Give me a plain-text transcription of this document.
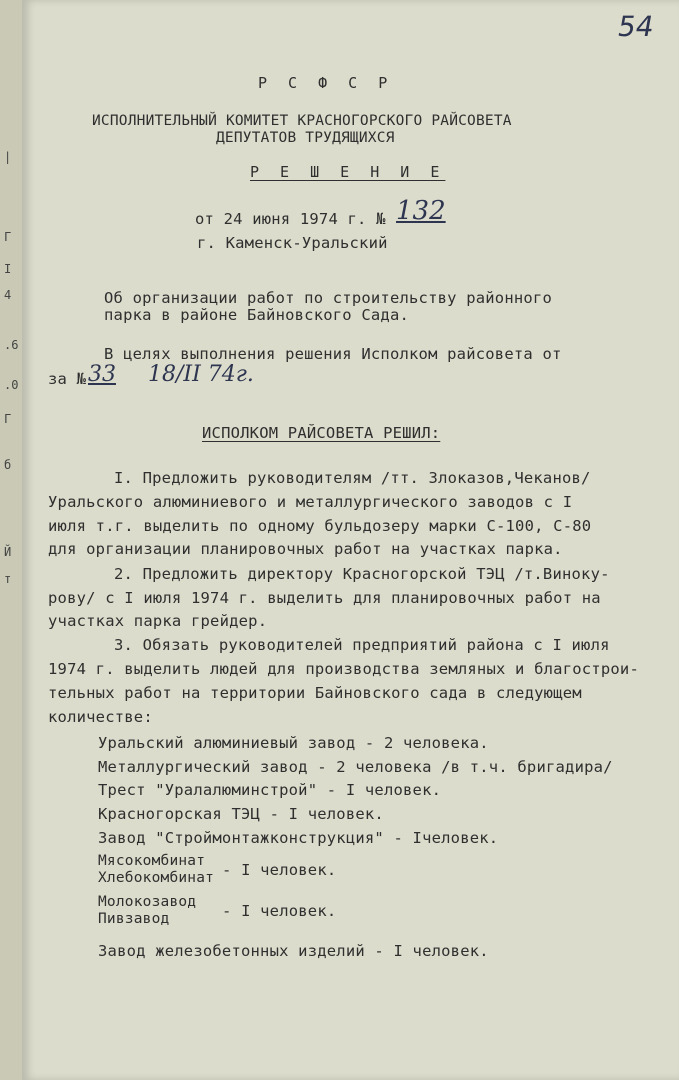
|
Г
I
4
.6
.0
Г
б
Й
т
54
Р С Ф С Р
ИСПОЛНИТЕЛЬНЫЙ КОМИТЕТ КРАСНОГОРСКОГО РАЙСОВЕТА
ДЕПУТАТОВ ТРУДЯЩИХСЯ
Р Е Ш Е Н И Е
от 24 июня 1974 г. № 132
г. Каменск-Уральский
Об организации работ по строительству районного
парка в районе Байновского Сада.
В целях выполнения решения Исполком райсовета от
за № 33 18/II 74г.
ИСПОЛКОМ РАЙСОВЕТА РЕШИЛ:
I. Предложить руководителям /тт. Злоказов,Чеканов/
Уральского алюминиевого и металлургического заводов с I
июля т.г. выделить по одному бульдозеру марки С-100, С-80
для организации планировочных работ на участках парка.
2. Предложить директору Красногорской ТЭЦ /т.Винокy-
рову/ с I июля 1974 г. выделить для планировочных работ на
участках парка грейдер.
3. Обязать руководителей предприятий района с I июля
1974 г. выделить людей для производства земляных и благострои-
тельных работ на территории Байновского сада в следующем
количестве:
Уральский алюминиевый завод - 2 человека.
Металлургический завод - 2 человека /в т.ч. бригадира/
Трест "Уралалюминстрой" - I человек.
Красногорская ТЭЦ - I человек.
Завод "Строймонтажконструкция" - Iчеловек.
Мясокомбинат
Хлебокомбинат - I человек.
Молокозавод
Пивзавод	- I человек.
Завод железобетонных изделий - I человек.
